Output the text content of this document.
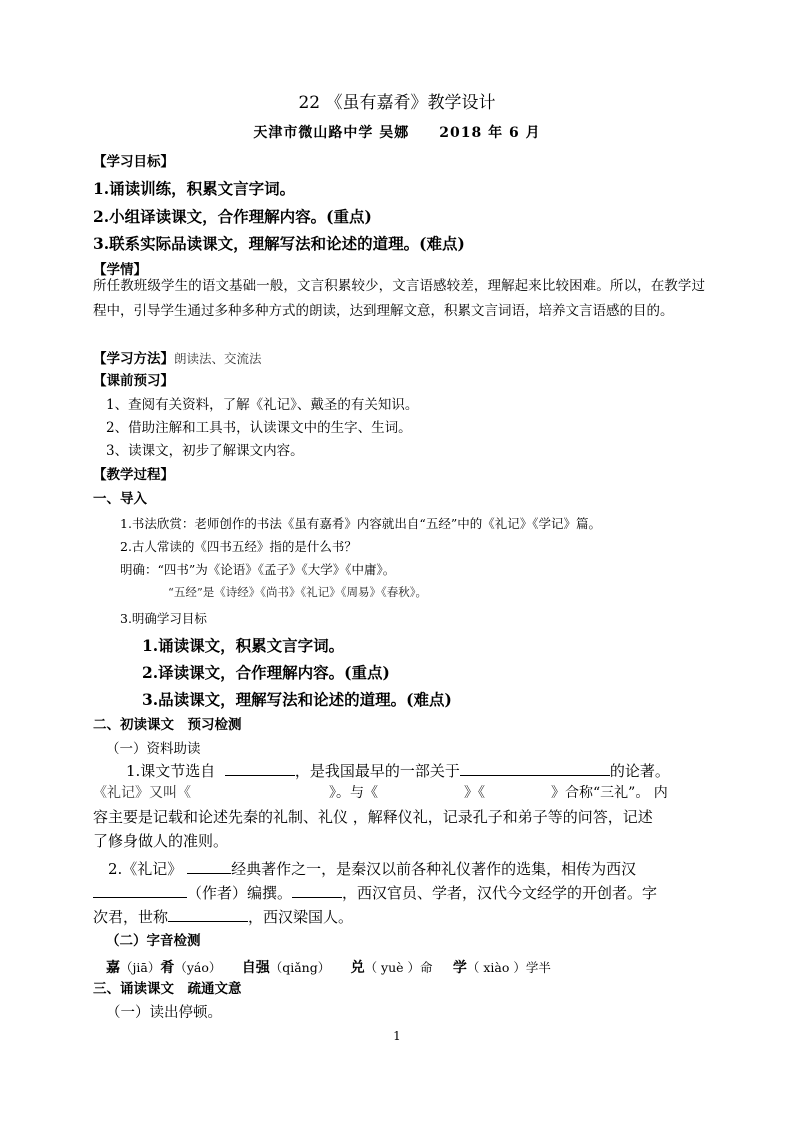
22 《虽有嘉肴》教学设计
天津市微山路中学 吴娜　　2018 年 6 月
【学习目标】
1.诵读训练，积累文言字词。
2.小组译读课文，合作理解内容。(重点)
3.联系实际品读课文，理解写法和论述的道理。(难点)
【学情】
所任教班级学生的语文基础一般，文言积累较少，文言语感较差，理解起来比较困难。所以，在教学过程中，引导学生通过多种多种方式的朗读，达到理解文意，积累文言词语，培养文言语感的目的。
【学习方法】朗读法、交流法
【课前预习】
1、查阅有关资料，了解《礼记》、戴圣的有关知识。
2、借助注解和工具书，认读课文中的生字、生词。
3、读课文，初步了解课文内容。
【教学过程】
一、导入
1.书法欣赏：老师创作的书法《虽有嘉肴》内容就出自“五经”中的《礼记》《学记》篇。
2.古人常读的《四书五经》指的是什么书？
明确：“四书”为《论语》《孟子》《大学》《中庸》。
“五经”是《诗经》《尚书》《礼记》《周易》《春秋》。
3.明确学习目标
1.诵读课文，积累文言字词。
2.译读课文，合作理解内容。(重点)
3.品读课文，理解写法和论述的道理。(难点)
二、初读课文　预习检测
（一）资料助读
1.课文节选自	，是我国最早的一部关于	的论著。
《礼记》又叫《	》。与《	》《	》合称“三礼”。 内
容主要是记载和论述先秦的礼制、礼仪 ，解释仪礼，记录孔子和弟子等的问答，记述
了修身做人的准则。
2.《礼记》	经典著作之一，是秦汉以前各种礼仪著作的选集，相传为西汉
（作者）编撰。	，西汉官员、学者，汉代今文经学的开创者。字
次君，世称	，西汉梁国人。
（二）字音检测
嘉（jiā）肴（yáo） 自强（qiǎng） 兑（ yuè ）命 学（ xiào ）学半
三、诵读课文　疏通文意
（一）读出停顿。
1
